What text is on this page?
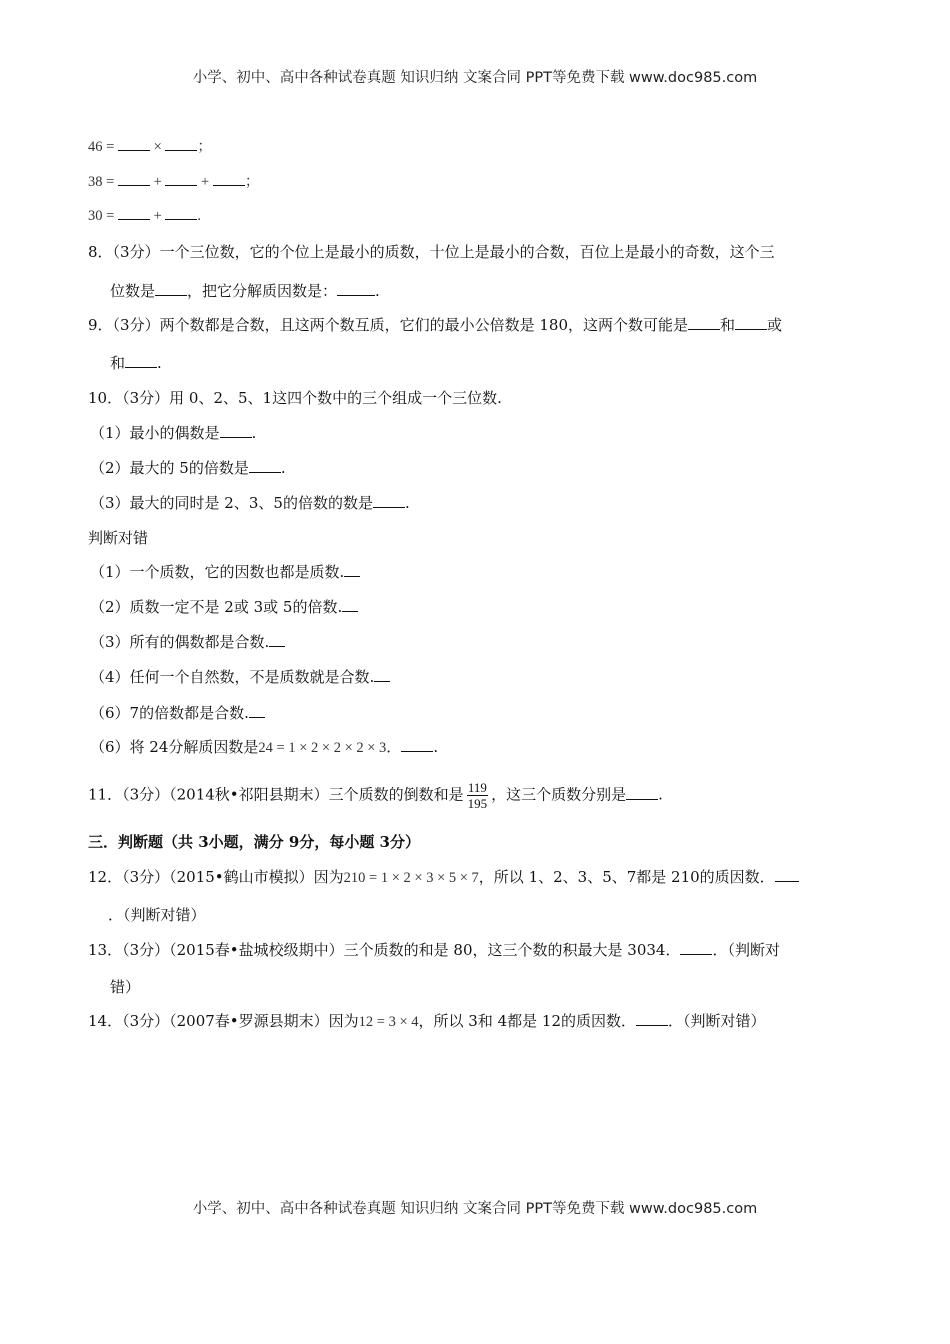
小学、初中、高中各种试卷真题 知识归纳 文案合同 PPT等免费下载 www.doc985.com
46 =  × ；
38 =  +  + ；
30 =  + .
8．（3分）一个三位数，它的个位上是最小的质数，十位上是最小的合数，百位上是最小的奇数，这个三
位数是 ，把它分解质因数是：	.
9．（3分）两个数都是合数，且这两个数互质，它们的最小公倍数是 180，这两个数可能是 和 或
和 .
10．（3分）用 0、2、5、1这四个数中的三个组成一个三位数.
（1）最小的偶数是 .
（2）最大的 5的倍数是 .
（3）最大的同时是 2、3、5的倍数的数是 .
判断对错
（1）一个质数，它的因数也都是质数.
（2）质数一定不是 2或 3或 5的倍数.
（3）所有的偶数都是合数.
（4）任何一个自然数，不是质数就是合数.
（6）7的倍数都是合数.
（6）将 24分解质因数是24 = 1 × 2 × 2 × 2 × 3． .
11．（3分）（2014秋•祁阳县期末）三个质数的倒数和是 $\frac{119}{195}$ ，这三个质数分别是 .
三．判断题（共 3小题，满分 9分，每小题 3分）
12．（3分）（2015•鹤山市模拟）因为210 = 1 × 2 × 3 × 5 × 7，所以 1、2、3、5、7都是 210的质因数．
．（判断对错）
13．（3分）（2015春•盐城校级期中）三个质数的和是 80，这三个数的积最大是 3034． ．（判断对
错）
14．（3分）（2007春•罗源县期末）因为12 = 3 × 4，所以 3和 4都是 12的质因数． ．（判断对错）
小学、初中、高中各种试卷真题 知识归纳 文案合同 PPT等免费下载 www.doc985.com
